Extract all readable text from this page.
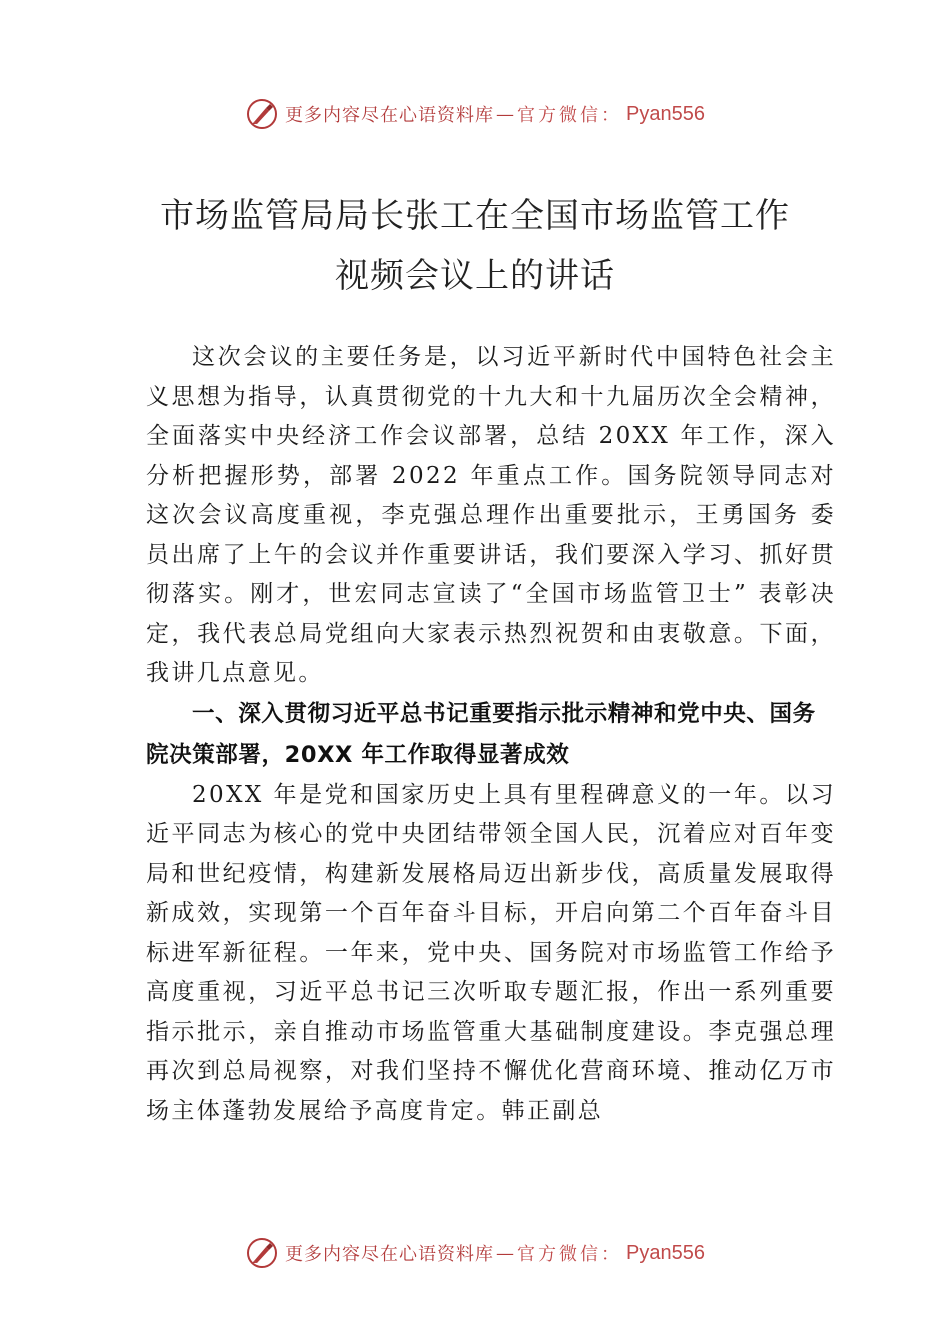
更多内容尽在心语资料库 — 官方微信： Pyan556
市场监管局局长张工在全国市场监管工作
视频会议上的讲话

这次会议的主要任务是，以习近平新时代中国特色社会主义思想为指导，认真贯彻党的十九大和十九届历次全会精神，全面落实中央经济工作会议部署，总结 20XX 年工作，深入分析把握形势，部署 2022 年重点工作。国务院领导同志对这次会议高度重视，李克强总理作出重要批示，王勇国务 委员出席了上午的会议并作重要讲话，我们要深入学习、抓好贯彻落实。刚才，世宏同志宣读了“全国市场监管卫士” 表彰决定，我代表总局党组向大家表示热烈祝贺和由衷敬意。下面，我讲几点意见。

一、深入贯彻习近平总书记重要指示批示精神和党中央、国务院决策部署，20XX 年工作取得显著成效

20XX 年是党和国家历史上具有里程碑意义的一年。以习近平同志为核心的党中央团结带领全国人民，沉着应对百年变局和世纪疫情，构建新发展格局迈出新步伐，高质量发展取得新成效，实现第一个百年奋斗目标，开启向第二个百年奋斗目标进军新征程。一年来，党中央、国务院对市场监管工作给予高度重视，习近平总书记三次听取专题汇报，作出一系列重要指示批示，亲自推动市场监管重大基础制度建设。李克强总理再次到总局视察，对我们坚持不懈优化营商环境、推动亿万市场主体蓬勃发展给予高度肯定。韩正副总

更多内容尽在心语资料库 — 官方微信： Pyan556
